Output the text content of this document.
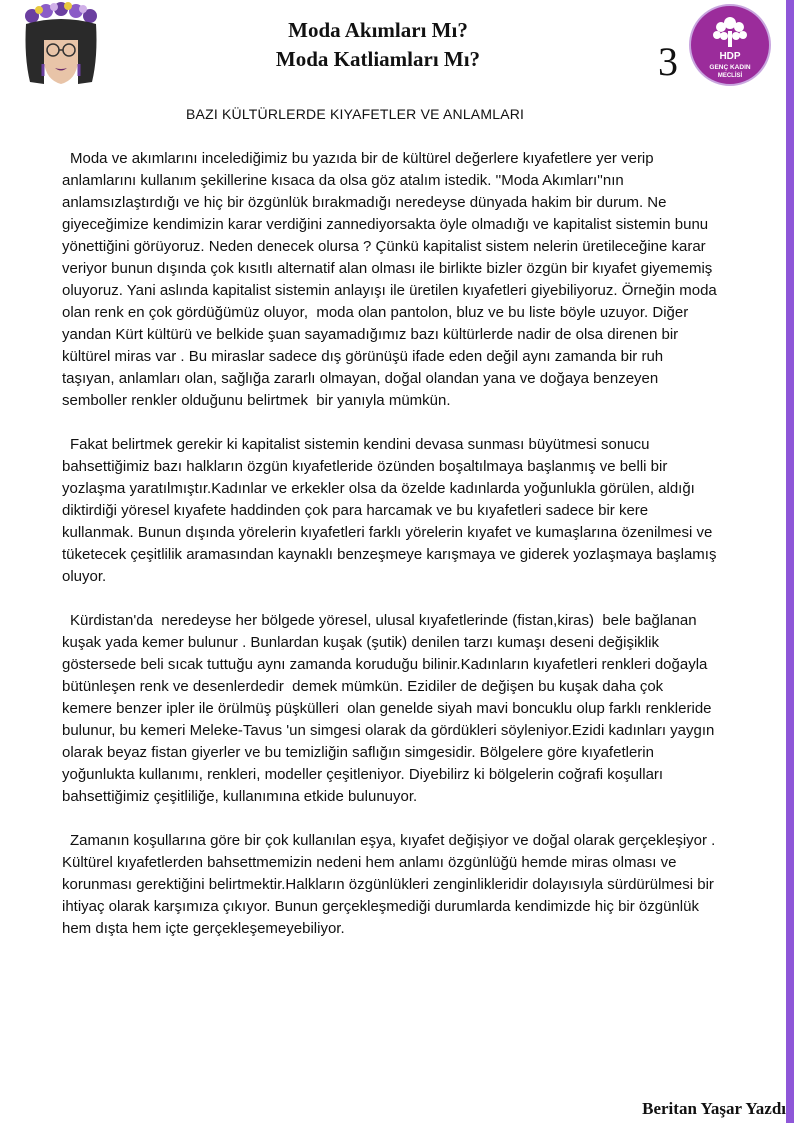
Moda Akımları Mı?
Moda Katliamları Mı?	3	HDP
GENÇ KADIN
MECLİSİ
BAZI KÜLTÜRLERDE KIYAFETLER VE ANLAMLARI

Moda ve akımlarını incelediğimiz bu yazıda bir de kültürel değerlere kıyafetlere yer verip anlamlarını kullanım şekillerine kısaca da olsa göz atalım istedik. ''Moda Akımları''nın anlamsızlaştırdığı ve hiç bir özgünlük bırakmadığı neredeyse dünyada hakim bir durum. Ne giyeceğimize kendimizin karar verdiğini zannediyorsakta öyle olmadığı ve kapitalist sistemin bunu yönettiğini görüyoruz. Neden denecek olursa ? Çünkü kapitalist sistem nelerin üretileceğine karar veriyor bunun dışında çok kısıtlı alternatif alan olması ile birlikte bizler özgün bir kıyafet giyememiş oluyoruz. Yani aslında kapitalist sistemin anlayışı ile üretilen kıyafetleri giyebiliyoruz. Örneğin moda olan renk en çok gördüğümüz oluyor,  moda olan pantolon, bluz ve bu liste böyle uzuyor. Diğer yandan Kürt kültürü ve belkide şuan sayamadığımız bazı kültürlerde nadir de olsa direnen bir kültürel miras var . Bu miraslar sadece dış görünüşü ifade eden değil aynı zamanda bir ruh taşıyan, anlamları olan, sağlığa zararlı olmayan, doğal olandan yana ve doğaya benzeyen semboller renkler olduğunu belirtmek  bir yanıyla mümkün.

Fakat belirtmek gerekir ki kapitalist sistemin kendini devasa sunması büyütmesi sonucu bahsettiğimiz bazı halkların özgün kıyafetleride özünden boşaltılmaya başlanmış ve belli bir yozlaşma yaratılmıştır.Kadınlar ve erkekler olsa da özelde kadınlarda yoğunlukla görülen, aldığı diktirdiği yöresel kıyafete haddinden çok para harcamak ve bu kıyafetleri sadece bir kere kullanmak. Bunun dışında yörelerin kıyafetleri farklı yörelerin kıyafet ve kumaşlarına özenilmesi ve tüketecek çeşitlilik aramasından kaynaklı benzeşmeye karışmaya ve giderek yozlaşmaya başlamış oluyor.

Kürdistan'da  neredeyse her bölgede yöresel, ulusal kıyafetlerinde (fistan,kiras)  bele bağlanan kuşak yada kemer bulunur . Bunlardan kuşak (şutik) denilen tarzı kumaşı deseni değişiklik göstersede beli sıcak tuttuğu aynı zamanda koruduğu bilinir.Kadınların kıyafetleri renkleri doğayla bütünleşen renk ve desenlerdedir  demek mümkün. Ezidiler de değişen bu kuşak daha çok kemere benzer ipler ile örülmüş püşkülleri  olan genelde siyah mavi boncuklu olup farklı renkleride bulunur, bu kemeri Meleke-Tavus 'un simgesi olarak da gördükleri söyleniyor.Ezidi kadınları yaygın olarak beyaz fistan giyerler ve bu temizliğin saflığın simgesidir. Bölgelere göre kıyafetlerin yoğunlukta kullanımı, renkleri, modeller çeşitleniyor. Diyebilirz ki bölgelerin coğrafi koşulları bahsettiğimiz çeşitliliğe, kullanımına etkide bulunuyor.

Zamanın koşullarına göre bir çok kullanılan eşya, kıyafet değişiyor ve doğal olarak gerçekleşiyor . Kültürel kıyafetlerden bahsettmemizin nedeni hem anlamı özgünlüğü hemde miras olması ve korunması gerektiğini belirtmektir.Halkların özgünlükleri zenginlikleridir dolayısıyla sürdürülmesi bir ihtiyaç olarak karşımıza çıkıyor. Bunun gerçekleşmediği durumlarda kendimizde hiç bir özgünlük hem dışta hem içte gerçekleşemeyebiliyor.

Beritan Yaşar Yazdı
